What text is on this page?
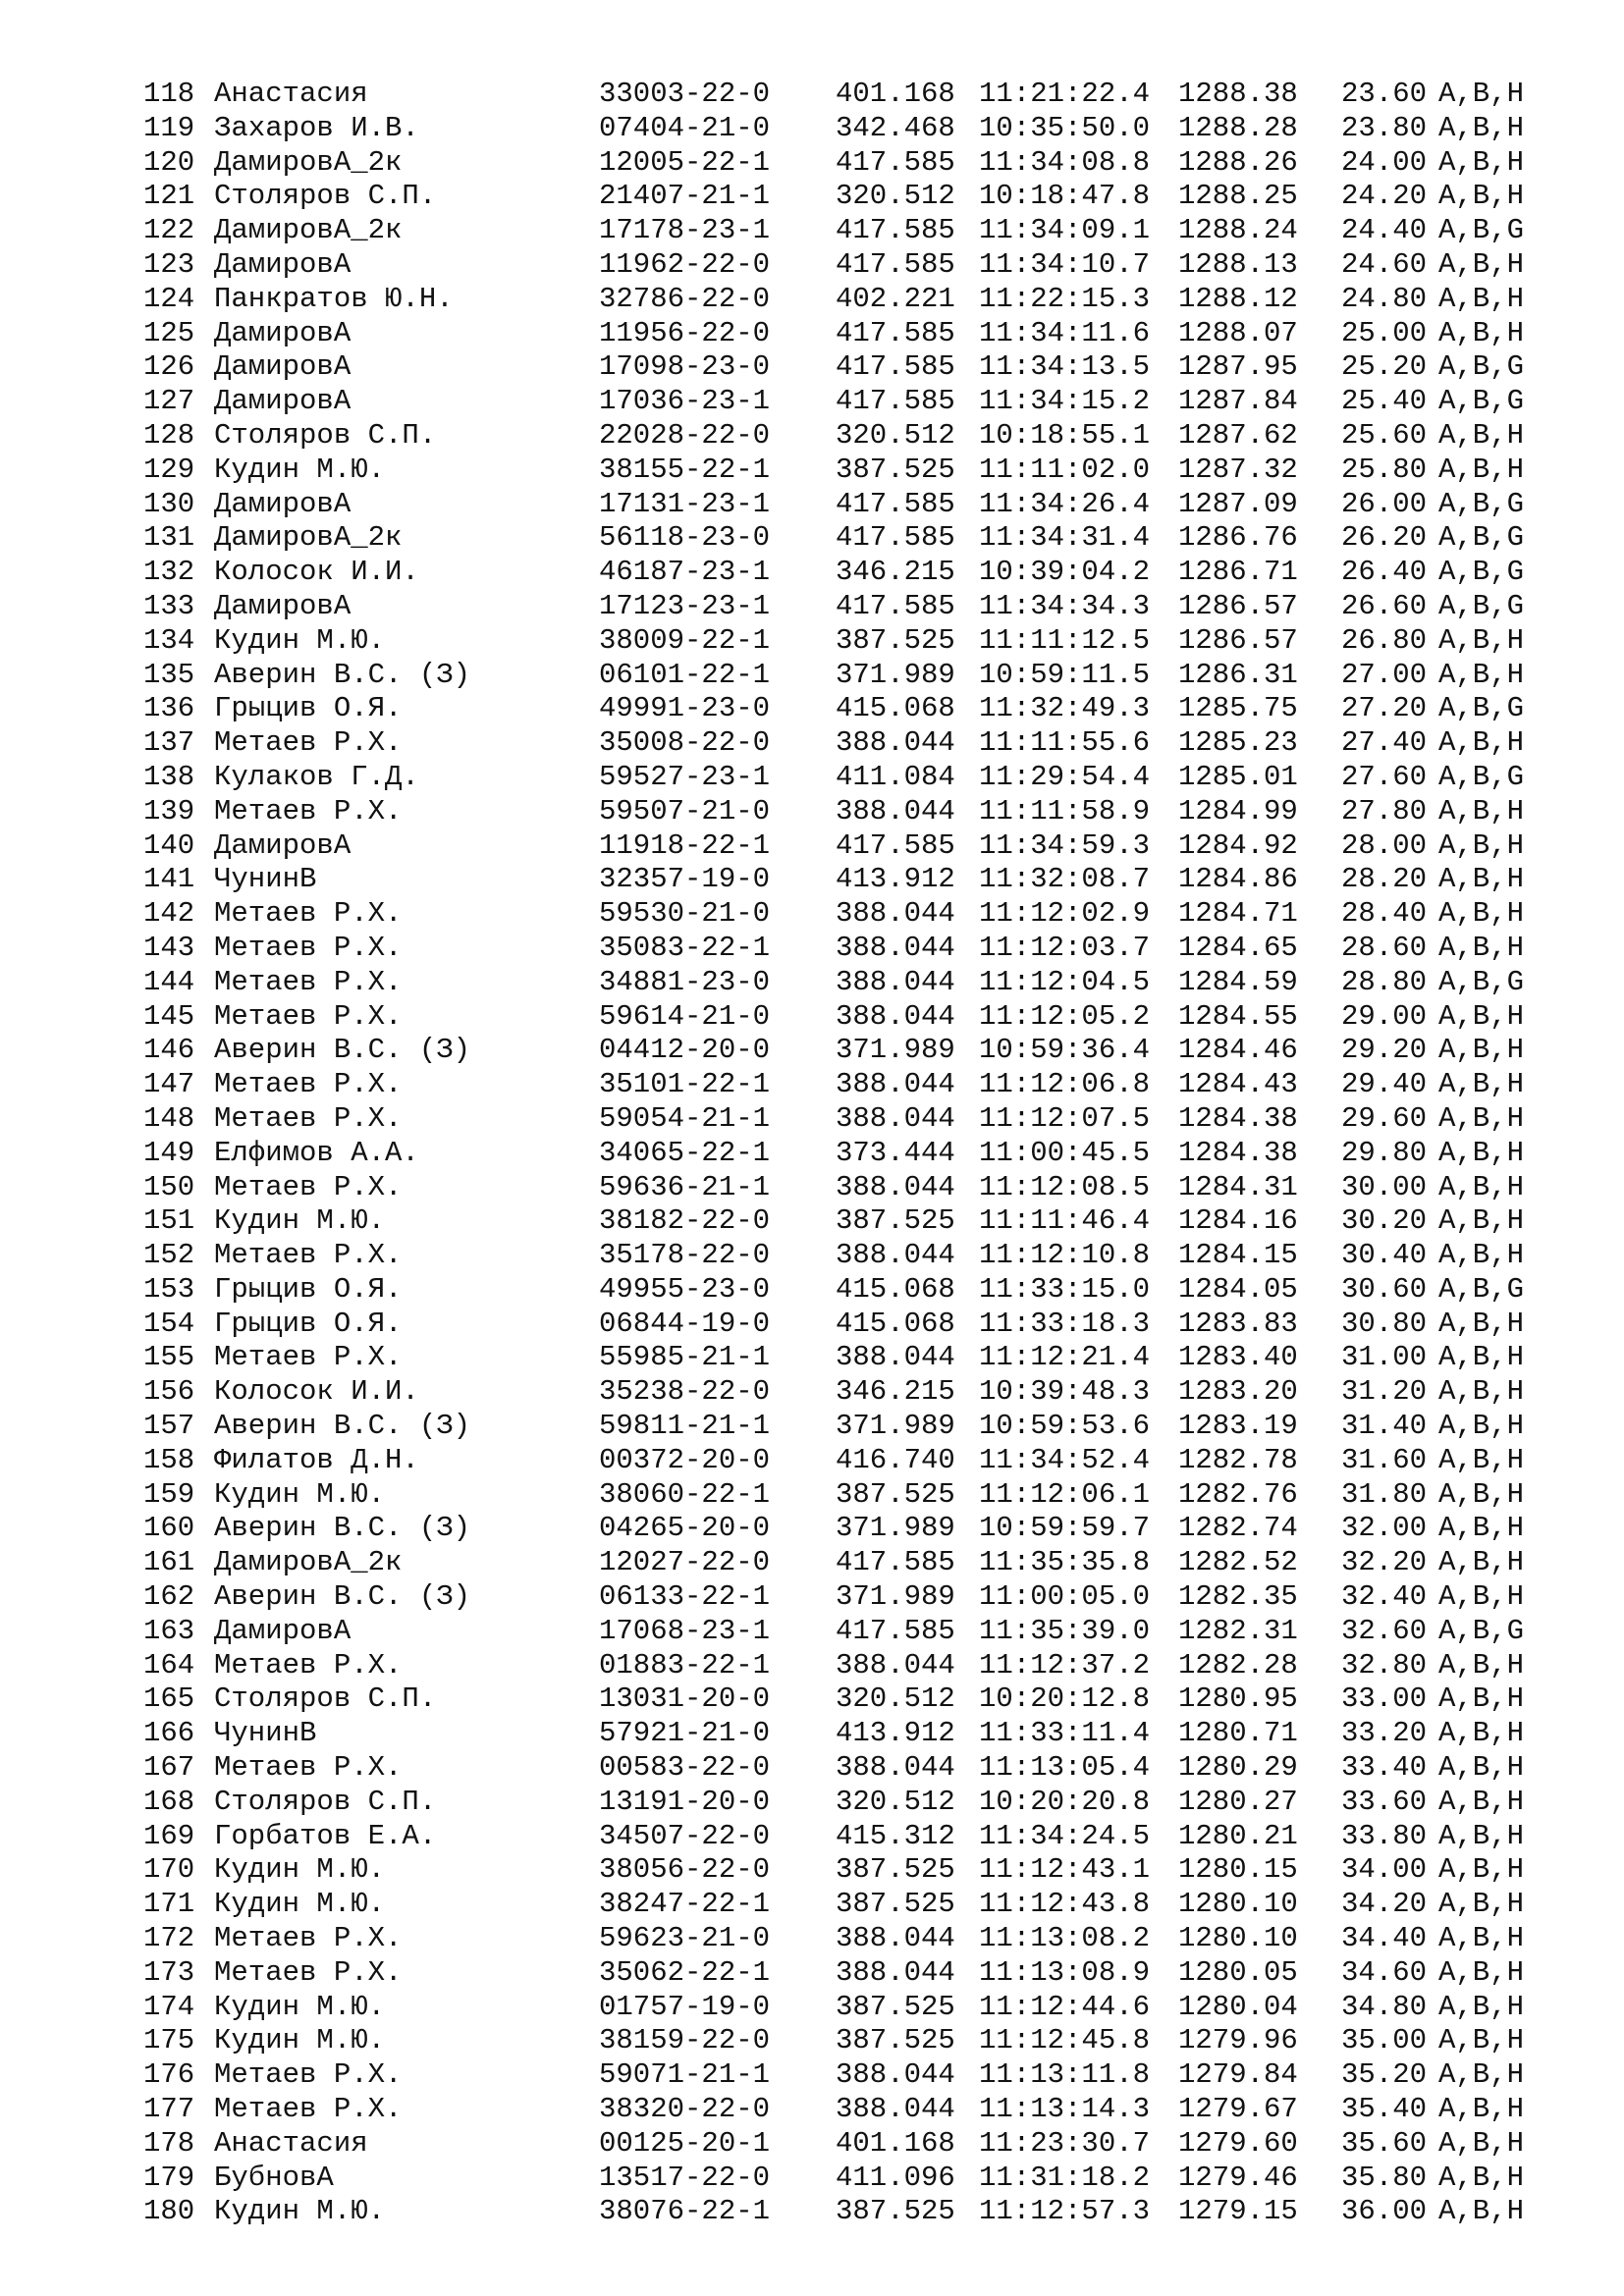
118 Анастасия	33003-22-0 401.168 11:21:22.4 1288.38 23.60 A,B,H
119 Захаров И.В.	07404-21-0 342.468 10:35:50.0 1288.28 23.80 A,B,H
120 ДамировА_2к	12005-22-1 417.585 11:34:08.8 1288.26 24.00 A,B,H
121 Столяров С.П.	21407-21-1 320.512 10:18:47.8 1288.25 24.20 A,B,H
122 ДамировА_2к	17178-23-1 417.585 11:34:09.1 1288.24 24.40 A,B,G
123 ДамировА	11962-22-0 417.585 11:34:10.7 1288.13 24.60 A,B,H
124 Панкратов Ю.Н.	32786-22-0 402.221 11:22:15.3 1288.12 24.80 A,B,H
125 ДамировА	11956-22-0 417.585 11:34:11.6 1288.07 25.00 A,B,H
126 ДамировА	17098-23-0 417.585 11:34:13.5 1287.95 25.20 A,B,G
127 ДамировА	17036-23-1 417.585 11:34:15.2 1287.84 25.40 A,B,G
128 Столяров С.П.	22028-22-0 320.512 10:18:55.1 1287.62 25.60 A,B,H
129 Кудин М.Ю.	38155-22-1 387.525 11:11:02.0 1287.32 25.80 A,B,H
130 ДамировА	17131-23-1 417.585 11:34:26.4 1287.09 26.00 A,B,G
131 ДамировА_2к	56118-23-0 417.585 11:34:31.4 1286.76 26.20 A,B,G
132 Колосок И.И.	46187-23-1 346.215 10:39:04.2 1286.71 26.40 A,B,G
133 ДамировА	17123-23-1 417.585 11:34:34.3 1286.57 26.60 A,B,G
134 Кудин М.Ю.	38009-22-1 387.525 11:11:12.5 1286.57 26.80 A,B,H
135 Аверин В.С. (З)	06101-22-1 371.989 10:59:11.5 1286.31 27.00 A,B,H
136 Грыцив О.Я.	49991-23-0 415.068 11:32:49.3 1285.75 27.20 A,B,G
137 Метаев Р.Х.	35008-22-0 388.044 11:11:55.6 1285.23 27.40 A,B,H
138 Кулаков Г.Д.	59527-23-1 411.084 11:29:54.4 1285.01 27.60 A,B,G
139 Метаев Р.Х.	59507-21-0 388.044 11:11:58.9 1284.99 27.80 A,B,H
140 ДамировА	11918-22-1 417.585 11:34:59.3 1284.92 28.00 A,B,H
141 ЧунинВ	32357-19-0 413.912 11:32:08.7 1284.86 28.20 A,B,H
142 Метаев Р.Х.	59530-21-0 388.044 11:12:02.9 1284.71 28.40 A,B,H
143 Метаев Р.Х.	35083-22-1 388.044 11:12:03.7 1284.65 28.60 A,B,H
144 Метаев Р.Х.	34881-23-0 388.044 11:12:04.5 1284.59 28.80 A,B,G
145 Метаев Р.Х.	59614-21-0 388.044 11:12:05.2 1284.55 29.00 A,B,H
146 Аверин В.С. (З)	04412-20-0 371.989 10:59:36.4 1284.46 29.20 A,B,H
147 Метаев Р.Х.	35101-22-1 388.044 11:12:06.8 1284.43 29.40 A,B,H
148 Метаев Р.Х.	59054-21-1 388.044 11:12:07.5 1284.38 29.60 A,B,H
149 Елфимов А.А.	34065-22-1 373.444 11:00:45.5 1284.38 29.80 A,B,H
150 Метаев Р.Х.	59636-21-1 388.044 11:12:08.5 1284.31 30.00 A,B,H
151 Кудин М.Ю.	38182-22-0 387.525 11:11:46.4 1284.16 30.20 A,B,H
152 Метаев Р.Х.	35178-22-0 388.044 11:12:10.8 1284.15 30.40 A,B,H
153 Грыцив О.Я.	49955-23-0 415.068 11:33:15.0 1284.05 30.60 A,B,G
154 Грыцив О.Я.	06844-19-0 415.068 11:33:18.3 1283.83 30.80 A,B,H
155 Метаев Р.Х.	55985-21-1 388.044 11:12:21.4 1283.40 31.00 A,B,H
156 Колосок И.И.	35238-22-0 346.215 10:39:48.3 1283.20 31.20 A,B,H
157 Аверин В.С. (З)	59811-21-1 371.989 10:59:53.6 1283.19 31.40 A,B,H
158 Филатов Д.Н.	00372-20-0 416.740 11:34:52.4 1282.78 31.60 A,B,H
159 Кудин М.Ю.	38060-22-1 387.525 11:12:06.1 1282.76 31.80 A,B,H
160 Аверин В.С. (З)	04265-20-0 371.989 10:59:59.7 1282.74 32.00 A,B,H
161 ДамировА_2к	12027-22-0 417.585 11:35:35.8 1282.52 32.20 A,B,H
162 Аверин В.С. (З)	06133-22-1 371.989 11:00:05.0 1282.35 32.40 A,B,H
163 ДамировА	17068-23-1 417.585 11:35:39.0 1282.31 32.60 A,B,G
164 Метаев Р.Х.	01883-22-1 388.044 11:12:37.2 1282.28 32.80 A,B,H
165 Столяров С.П.	13031-20-0 320.512 10:20:12.8 1280.95 33.00 A,B,H
166 ЧунинВ	57921-21-0 413.912 11:33:11.4 1280.71 33.20 A,B,H
167 Метаев Р.Х.	00583-22-0 388.044 11:13:05.4 1280.29 33.40 A,B,H
168 Столяров С.П.	13191-20-0 320.512 10:20:20.8 1280.27 33.60 A,B,H
169 Горбатов Е.А.	34507-22-0 415.312 11:34:24.5 1280.21 33.80 A,B,H
170 Кудин М.Ю.	38056-22-0 387.525 11:12:43.1 1280.15 34.00 A,B,H
171 Кудин М.Ю.	38247-22-1 387.525 11:12:43.8 1280.10 34.20 A,B,H
172 Метаев Р.Х.	59623-21-0 388.044 11:13:08.2 1280.10 34.40 A,B,H
173 Метаев Р.Х.	35062-22-1 388.044 11:13:08.9 1280.05 34.60 A,B,H
174 Кудин М.Ю.	01757-19-0 387.525 11:12:44.6 1280.04 34.80 A,B,H
175 Кудин М.Ю.	38159-22-0 387.525 11:12:45.8 1279.96 35.00 A,B,H
176 Метаев Р.Х.	59071-21-1 388.044 11:13:11.8 1279.84 35.20 A,B,H
177 Метаев Р.Х.	38320-22-0 388.044 11:13:14.3 1279.67 35.40 A,B,H
178 Анастасия	00125-20-1 401.168 11:23:30.7 1279.60 35.60 A,B,H
179 БубновА	13517-22-0 411.096 11:31:18.2 1279.46 35.80 A,B,H
180 Кудин М.Ю.	38076-22-1 387.525 11:12:57.3 1279.15 36.00 A,B,H
